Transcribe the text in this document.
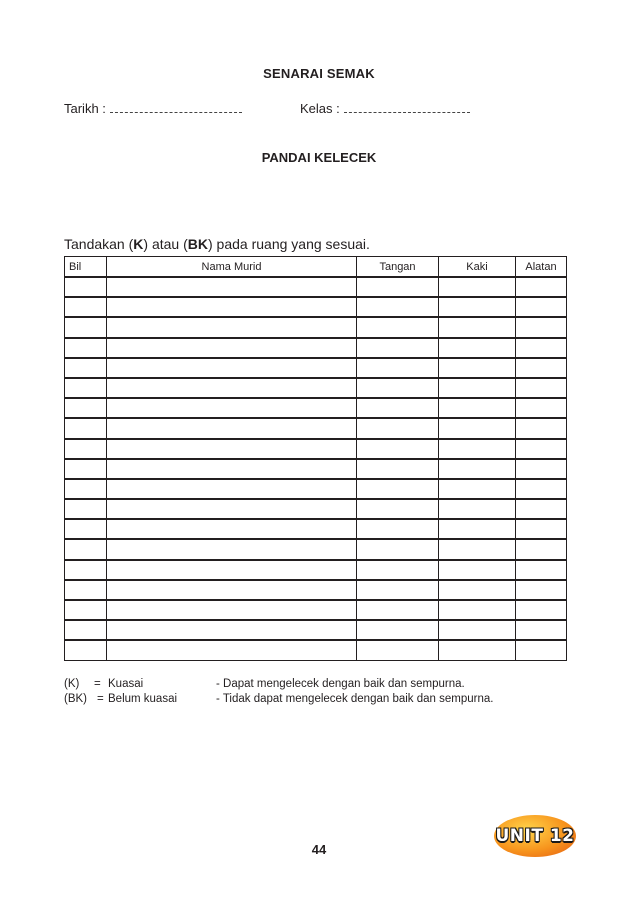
SENARAI SEMAK
Tarikh :	Kelas :
PANDAI KELECEK
Tandakan (K) atau (BK) pada ruang yang sesuai.
Bil	Nama Murid	Tangan	Kaki	Alatan

(K) = Kuasai	- Dapat mengelecek dengan baik dan sempurna.
(BK) = Belum kuasai	- Tidak dapat mengelecek dengan baik dan sempurna.
UNIT 12
44
